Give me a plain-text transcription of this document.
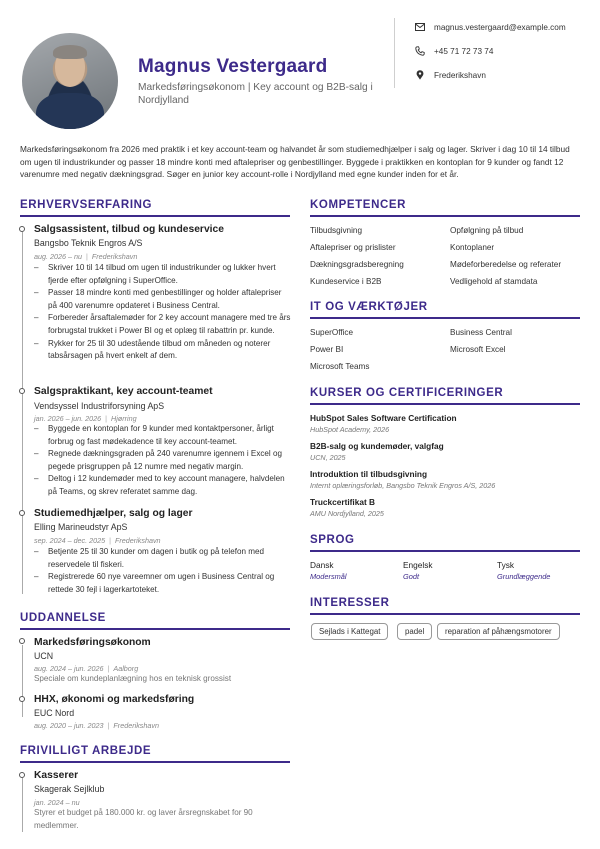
Magnus Vestergaard
Markedsføringsøkonom | Key account og B2B-salg i Nordjylland
magnus.vestergaard@example.com
+45 71 72 73 74
Frederikshavn
Markedsføringsøkonom fra 2026 med praktik i et key account-team og halvandet år som studiemedhjælper i salg og lager. Skriver i dag 10 til 14 tilbud om ugen til industrikunder og passer 18 mindre konti med aftalepriser og genbestillinger. Byggede i praktikken en kontoplan for 9 kunder og fandt 12 varenumre med negativ dækningsgrad. Søger en junior key account-rolle i Nordjylland med egne kunder inden for et år.
ERHVERVSERFARING
Salgsassistent, tilbud og kundeservice
Bangsbo Teknik Engros A/S
aug. 2026 – nu | Frederikshavn
– Skriver 10 til 14 tilbud om ugen til industrikunder og lukker hvert fjerde efter opfølgning i SuperOffice.
– Passer 18 mindre konti med genbestillinger og holder aftalepriser på 400 varenumre opdateret i Business Central.
– Forbereder årsaftalemøder for 2 key account managere med tre års forbrugstal trukket i Power BI og et oplæg til rabattrin pr. kunde.
– Rykker for 25 til 30 udestående tilbud om måneden og noterer tabsårsagen på hvert enkelt af dem.
Salgspraktikant, key account-teamet
Vendsyssel Industriforsyning ApS
jan. 2026 – jun. 2026 | Hjørring
– Byggede en kontoplan for 9 kunder med kontaktpersoner, årligt forbrug og fast mødekadence til key account-teamet.
– Regnede dækningsgraden på 240 varenumre igennem i Excel og pegede prisgruppen på 12 numre med negativ margin.
– Deltog i 12 kundemøder med to key account managere, halvdelen på Teams, og skrev referatet samme dag.
Studiemedhjælper, salg og lager
Elling Marineudstyr ApS
sep. 2024 – dec. 2025 | Frederikshavn
– Betjente 25 til 30 kunder om dagen i butik og på telefon med reservedele til fiskeri.
– Registrerede 60 nye vareemner om ugen i Business Central og rettede 30 fejl i lagerkartoteket.
UDDANNELSE
Markedsføringsøkonom
UCN
aug. 2024 – jun. 2026 | Aalborg
Speciale om kundeplanlægning hos en teknisk grossist
HHX, økonomi og markedsføring
EUC Nord
aug. 2020 – jun. 2023 | Frederikshavn
FRIVILLIGT ARBEJDE
Kasserer
Skagerak Sejlklub
jan. 2024 – nu
Styrer et budget på 180.000 kr. og laver årsregnskabet for 90 medlemmer.
KOMPETENCER
Tilbudsgivning	Opfølgning på tilbud
Aftalepriser og prislister	Kontoplaner
Dækningsgradsberegning	Mødeforberedelse og referater
Kundeservice i B2B	Vedligehold af stamdata
IT OG VÆRKTØJER
SuperOffice	Business Central
Power BI	Microsoft Excel
Microsoft Teams
KURSER OG CERTIFICERINGER
HubSpot Sales Software Certification
HubSpot Academy, 2026
B2B-salg og kundemøder, valgfag
UCN, 2025
Introduktion til tilbudsgivning
Internt oplæringsforløb, Bangsbo Teknik Engros A/S, 2026
Truckcertifikat B
AMU Nordjylland, 2025
SPROG
Dansk
Modersmål
Engelsk
Godt
Tysk
Grundlæggende
INTERESSER
Sejlads i Kattegat	padel	reparation af påhængsmotorer
